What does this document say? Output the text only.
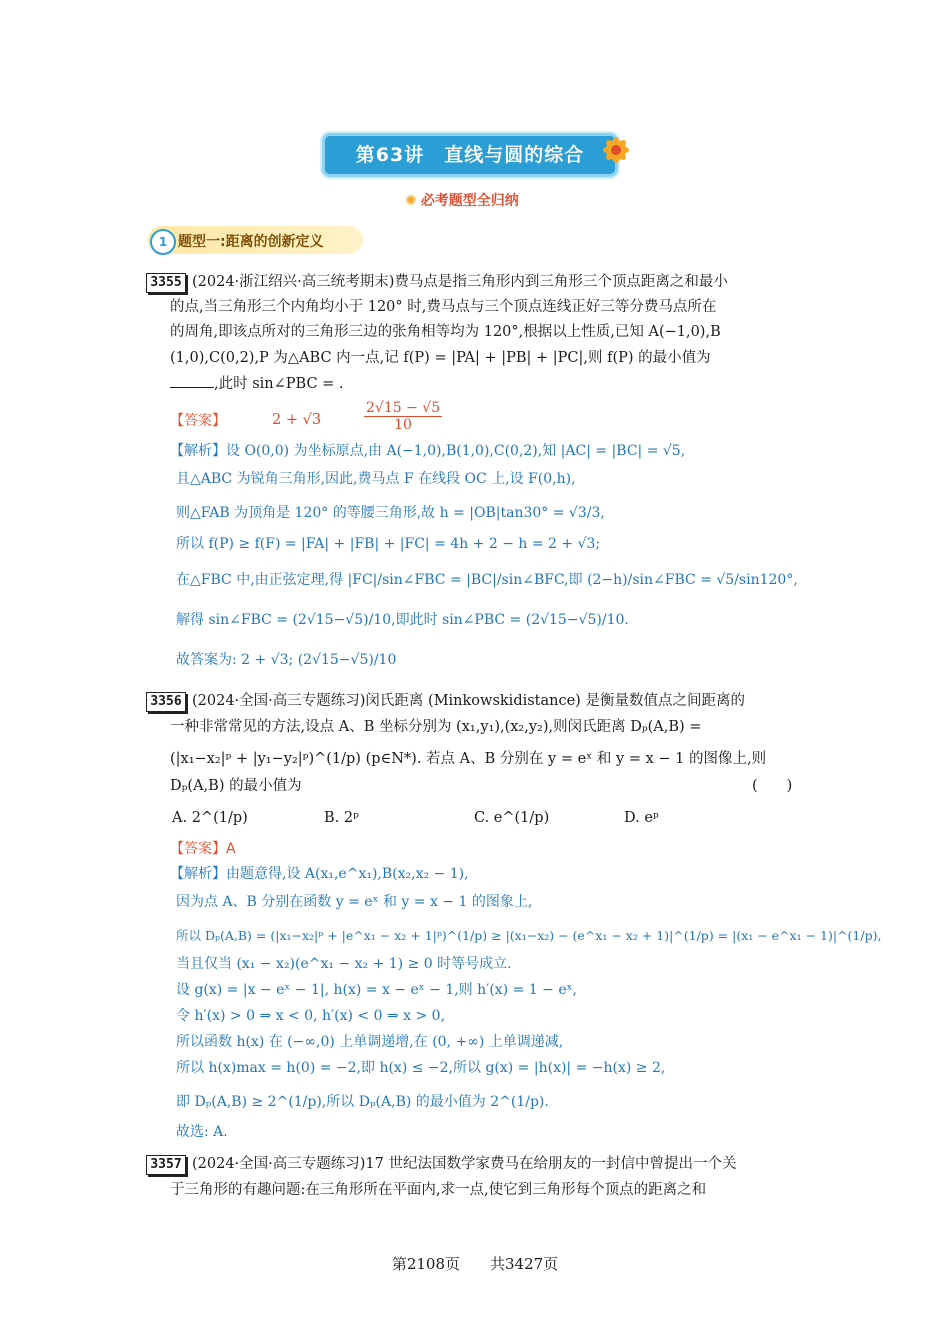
第63讲　直线与圆的综合
✺ 必考题型全归纳
1 题型一:距离的创新定义
3355 (2024·浙江绍兴·高三统考期末)费马点是指三角形内到三角形三个顶点距离之和最小
的点,当三角形三个内角均小于 120° 时,费马点与三个顶点连线正好三等分费马点所在
的周角,即该点所对的三角形三边的张角相等均为 120°,根据以上性质,已知 A(−1,0),B
(1,0),C(0,2),P 为△ABC 内一点,记 f(P) = |PA| + |PB| + |PC|,则 f(P) 的最小值为
,此时 sin∠PBC = .
【答案】	2 + √3	$\frac{2√15 - √5}{10}$
【解析】设 O(0,0) 为坐标原点,由 A(−1,0),B(1,0),C(0,2),知 |AC| = |BC| = √5,
且△ABC 为锐角三角形,因此,费马点 F 在线段 OC 上,设 F(0,h),
则△FAB 为顶角是 120° 的等腰三角形,故 h = |OB|tan30° = √3/3,
所以 f(P) ≥ f(F) = |FA| + |FB| + |FC| = 4h + 2 − h = 2 + √3;
在△FBC 中,由正弦定理,得 |FC|/sin∠FBC = |BC|/sin∠BFC,即 (2−h)/sin∠FBC = √5/sin120°,
解得 sin∠FBC = (2√15−√5)/10,即此时 sin∠PBC = (2√15−√5)/10.
故答案为: 2 + √3; (2√15−√5)/10
3356 (2024·全国·高三专题练习)闵氏距离 (Minkowskidistance) 是衡量数值点之间距离的
一种非常常见的方法,设点 A、B 坐标分别为 (x₁,y₁),(x₂,y₂),则闵氏距离 Dₚ(A,B) =
(|x₁−x₂|ᵖ + |y₁−y₂|ᵖ)^(1/p) (p∈N*). 若点 A、B 分别在 y = eˣ 和 y = x − 1 的图像上,则
Dₚ(A,B) 的最小值为	(　　)
A. 2^(1/p)	B. 2ᵖ	C. e^(1/p)	D. eᵖ
【答案】A
【解析】由题意得,设 A(x₁,e^x₁),B(x₂,x₂ − 1),
因为点 A、B 分别在函数 y = eˣ 和 y = x − 1 的图象上,
所以 Dₚ(A,B) = (|x₁−x₂|ᵖ + |e^x₁ − x₂ + 1|ᵖ)^(1/p) ≥ |(x₁−x₂) − (e^x₁ − x₂ + 1)|^(1/p) = |(x₁ − e^x₁ − 1)|^(1/p),
当且仅当 (x₁ − x₂)(e^x₁ − x₂ + 1) ≥ 0 时等号成立.
设 g(x) = |x − eˣ − 1|, h(x) = x − eˣ − 1,则 h′(x) = 1 − eˣ,
令 h′(x) > 0 ⇒ x < 0, h′(x) < 0 ⇒ x > 0,
所以函数 h(x) 在 (−∞,0) 上单调递增,在 (0, +∞) 上单调递减,
所以 h(x)max = h(0) = −2,即 h(x) ≤ −2,所以 g(x) = |h(x)| = −h(x) ≥ 2,
即 Dₚ(A,B) ≥ 2^(1/p),所以 Dₚ(A,B) 的最小值为 2^(1/p).
故选: A.
3357 (2024·全国·高三专题练习)17 世纪法国数学家费马在给朋友的一封信中曾提出一个关
于三角形的有趣问题:在三角形所在平面内,求一点,使它到三角形每个顶点的距离之和
第2108页　　共3427页
